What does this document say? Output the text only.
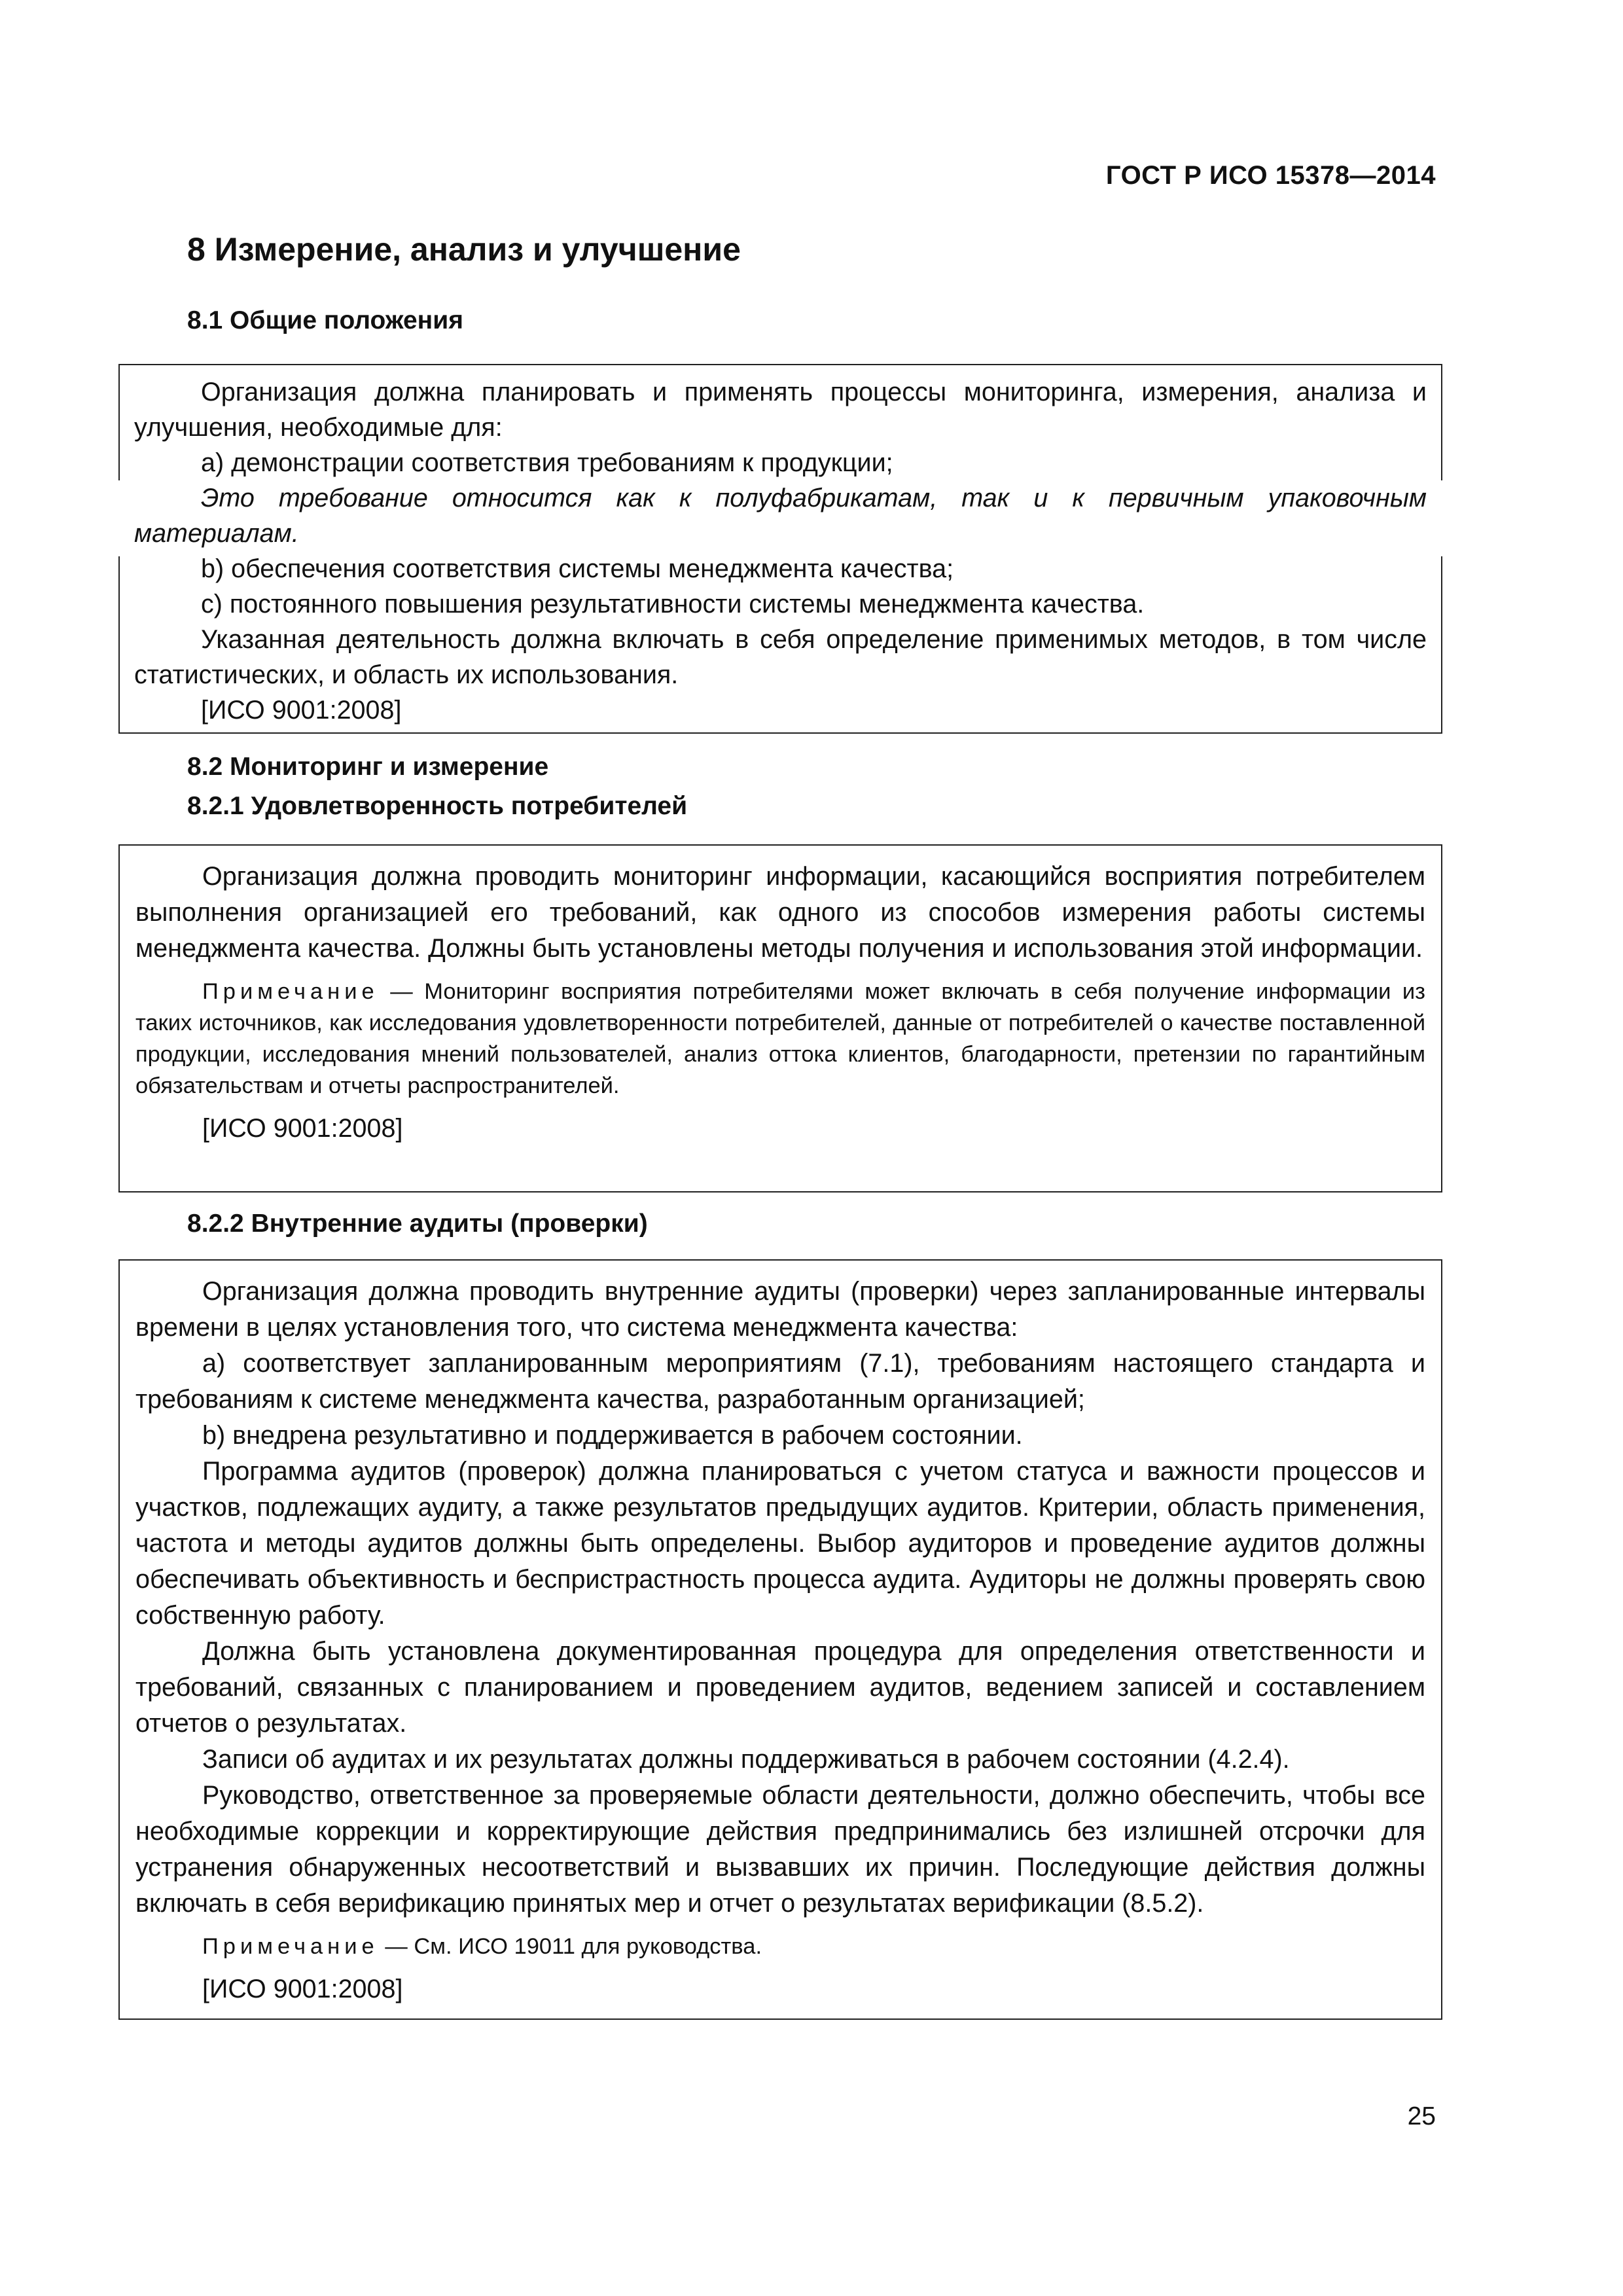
ГОСТ Р ИСО 15378—2014
8 Измерение, анализ и улучшение
8.1 Общие положения

Организация должна планировать и применять процессы мониторинга, измерения, анализа и улучшения, необходимые для:

a) демонстрации соответствия требованиям к продукции;

Это требование относится как к полуфабрикатам, так и к первичным упаковочным материалам.

b) обеспечения соответствия системы менеджмента качества;

c) постоянного повышения результативности системы менеджмента качества.

Указанная деятельность должна включать в себя определение применимых методов, в том числе статистических, и область их использования.

[ИСО 9001:2008]

8.2 Мониторинг и измерение
8.2.1 Удовлетворенность потребителей

Организация должна проводить мониторинг информации, касающийся восприятия потребителем выполнения организацией его требований, как одного из способов измерения работы системы менеджмента качества. Должны быть установлены методы получения и использования этой информации.

Примечание — Мониторинг восприятия потребителями может включать в себя получение информации из таких источников, как исследования удовлетворенности потребителей, данные от потребителей о качестве поставленной продукции, исследования мнений пользователей, анализ оттока клиентов, благодарности, претензии по гарантийным обязательствам и отчеты распространителей.

[ИСО 9001:2008]

8.2.2 Внутренние аудиты (проверки)

Организация должна проводить внутренние аудиты (проверки) через запланированные интервалы времени в целях установления того, что система менеджмента качества:

a) соответствует запланированным мероприятиям (7.1), требованиям настоящего стандарта и требованиям к системе менеджмента качества, разработанным организацией;

b) внедрена результативно и поддерживается в рабочем состоянии.

Программа аудитов (проверок) должна планироваться с учетом статуса и важности процессов и участков, подлежащих аудиту, а также результатов предыдущих аудитов. Критерии, область применения, частота и методы аудитов должны быть определены. Выбор аудиторов и проведение аудитов должны обеспечивать объективность и беспристрастность процесса аудита. Аудиторы не должны проверять свою собственную работу.

Должна быть установлена документированная процедура для определения ответственности и требований, связанных с планированием и проведением аудитов, ведением записей и составлением отчетов о результатах.

Записи об аудитах и их результатах должны поддерживаться в рабочем состоянии (4.2.4).

Руководство, ответственное за проверяемые области деятельности, должно обеспечить, чтобы все необходимые коррекции и корректирующие действия предпринимались без излишней отсрочки для устранения обнаруженных несоответствий и вызвавших их причин. Последующие действия должны включать в себя верификацию принятых мер и отчет о результатах верификации (8.5.2).

Примечание — См. ИСО 19011 для руководства.

[ИСО 9001:2008]

25
